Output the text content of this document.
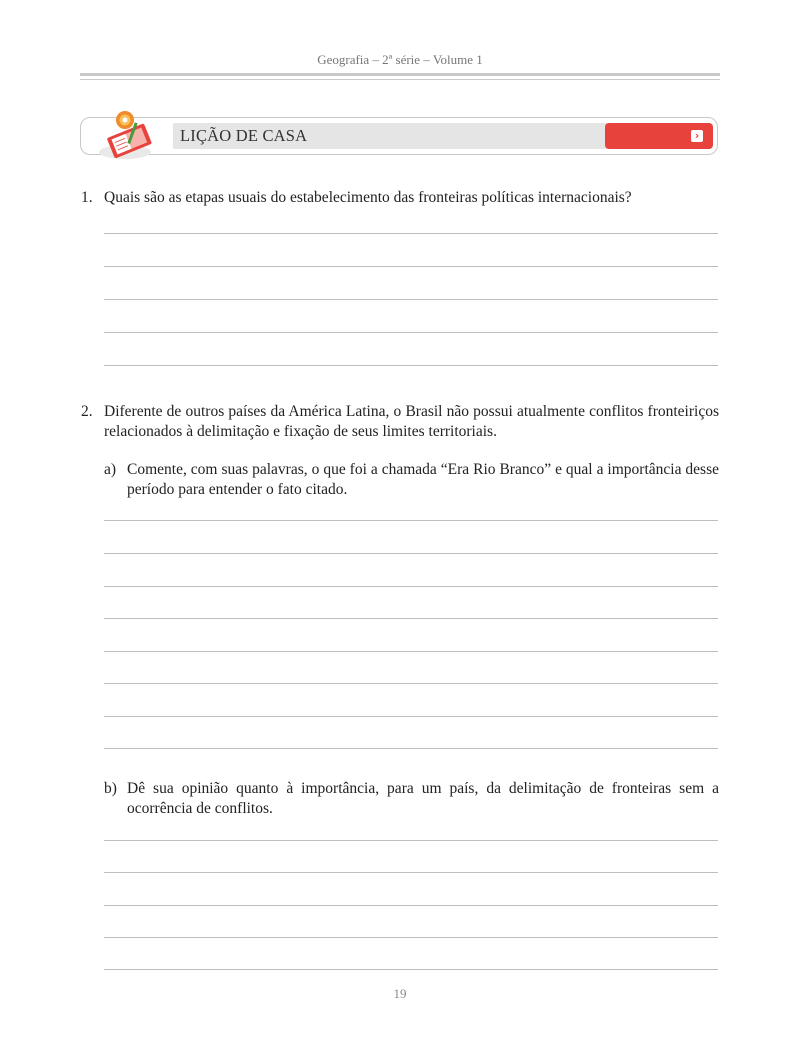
Geografia – 2ª série – Volume 1
LIÇÃO DE CASA	›
1. Quais são as etapas usuais do estabelecimento das fronteiras políticas internacionais?
2. Diferente de outros países da América Latina, o Brasil não possui atualmente conflitos fronteiriços relacionados à delimitação e fixação de seus limites territoriais.
a) Comente, com suas palavras, o que foi a chamada “Era Rio Branco” e qual a importância desse período para entender o fato citado.
b) Dê sua opinião quanto à importância, para um país, da delimitação de fronteiras sem a ocorrência de conflitos.
19
